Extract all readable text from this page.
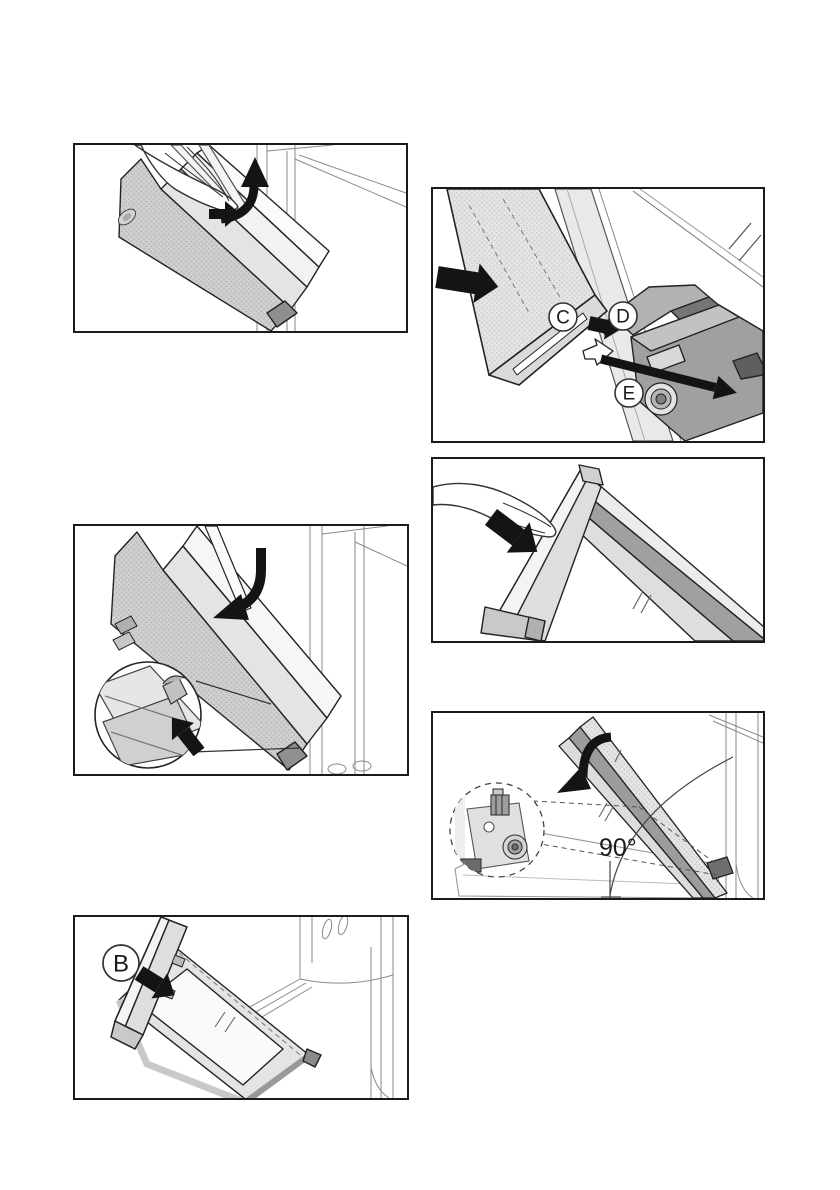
C D
E
90°
B
